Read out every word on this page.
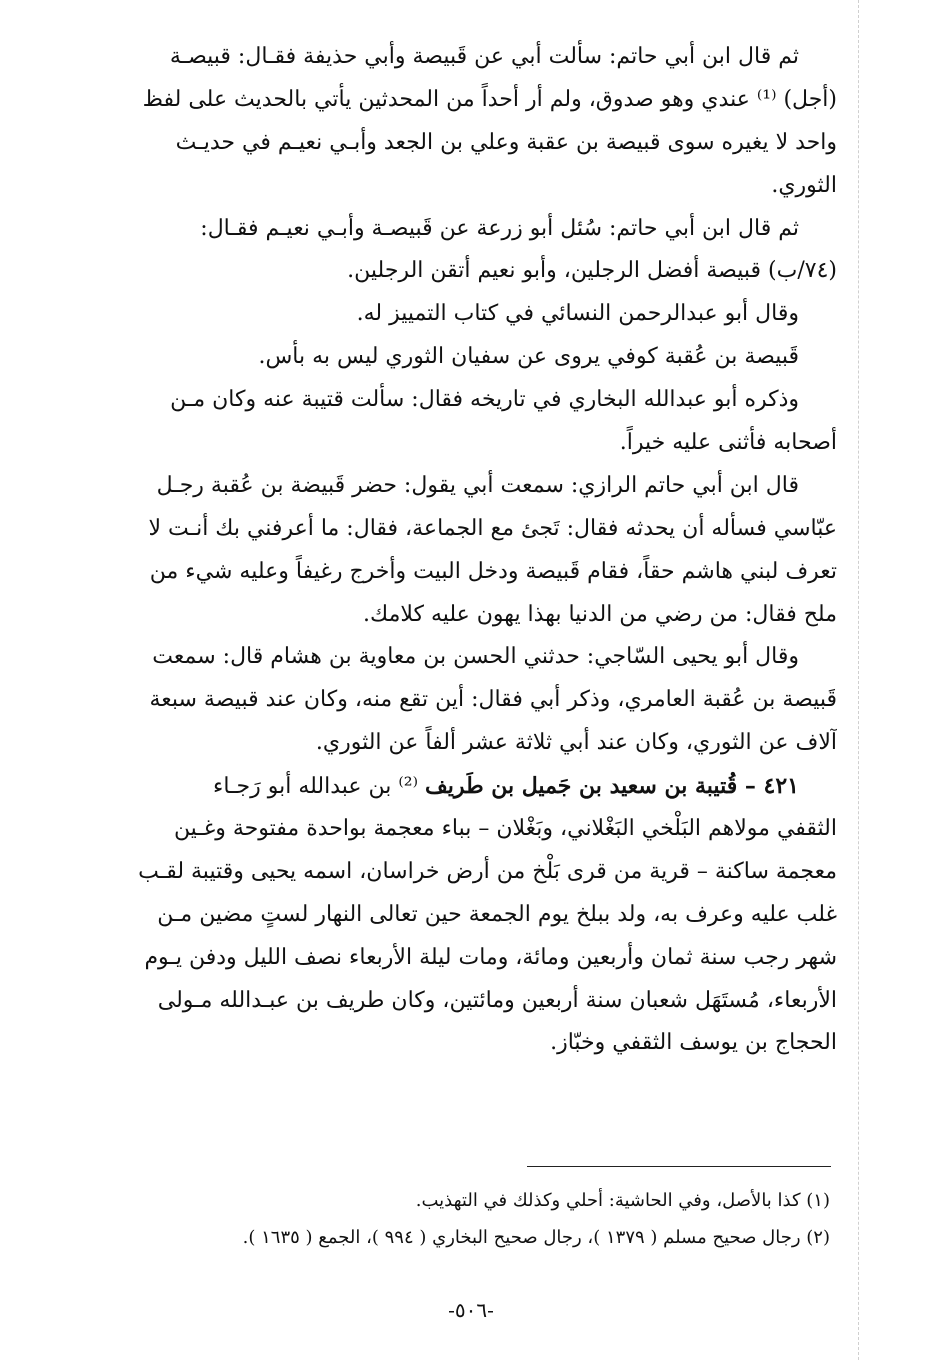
ثم قال ابن أبي حاتم: سألت أبي عن قَبيصة وأبي حذيفة فقـال: قبيصـة
(أجل) ⁽¹⁾ عندي وهو صدوق، ولم أر أحداً من المحدثين يأتي بالحديث على لفظ
واحد لا يغيره سوى قبيصة بن عقبة وعلي بن الجعد وأبـي نعيـم في حديـث
الثوري.
ثم قال ابن أبي حاتم: سُئل أبو زرعة عن قَبيصـة وأبـي نعيـم فقـال:
(٧٤/ب) قبيصة أفضل الرجلين، وأبو نعيم أتقن الرجلين.
وقال أبو عبدالرحمن النسائي في كتاب التمييز له.
قَبيصة بن عُقبة كوفي يروى عن سفيان الثوري ليس به بأس.
وذكره أبو عبدالله البخاري في تاريخه فقال: سألت قتيبة عنه وكان مـن
أصحابه فأثنى عليه خيراً.
قال ابن أبي حاتم الرازي: سمعت أبي يقول: حضر قَبيضة بن عُقبة رجـل
عبّاسي فسأله أن يحدثه فقال: تَجئ مع الجماعة، فقال: ما أعرفني بك أنـت لا
تعرف لبني هاشم حقاً، فقام قَبيصة ودخل البيت وأخرج رغيفاً وعليه شيء من
ملح فقال: من رضي من الدنيا بهذا يهون عليه كلامك.
وقال أبو يحيى السّاجي: حدثني الحسن بن معاوية بن هشام قال: سمعت
قَبيصة بن عُقبة العامري، وذكر أبي فقال: أين تقع منه، وكان عند قبيصة سبعة
آلاف عن الثوري، وكان عند أبي ثلاثة عشر ألفاً عن الثوري.
٤٢١ – قُتيبة بن سعيد بن جَميل بن طَريف ⁽²⁾ بن عبدالله أبو رَجـاء
الثقفي مولاهم البَلْخي البَغْلاني، وبَغْلان – بباء معجمة بواحدة مفتوحة وغـين
معجمة ساكنة – قرية من قرى بَلْخ من أرض خراسان، اسمه يحيى وقتيبة لقـب
غلب عليه وعرف به، ولد ببلخ يوم الجمعة حين تعالى النهار لستٍ مضين مـن
شهر رجب سنة ثمان وأربعين ومائة، ومات ليلة الأربعاء نصف الليل ودفن يـوم
الأربعاء، مُستَهَل شعبان سنة أربعين ومائتين، وكان طريف بن عبـدالله مـولى
الحجاج بن يوسف الثقفي وخبّاز.
(١) كذا بالأصل، وفي الحاشية: أحلي وكذلك في التهذيب.
(٢) رجال صحيح مسلم ( ١٣٧٩ )، رجال صحيح البخاري ( ٩٩٤ )، الجمع ( ١٦٣٥ ).
-٥٠٦-
